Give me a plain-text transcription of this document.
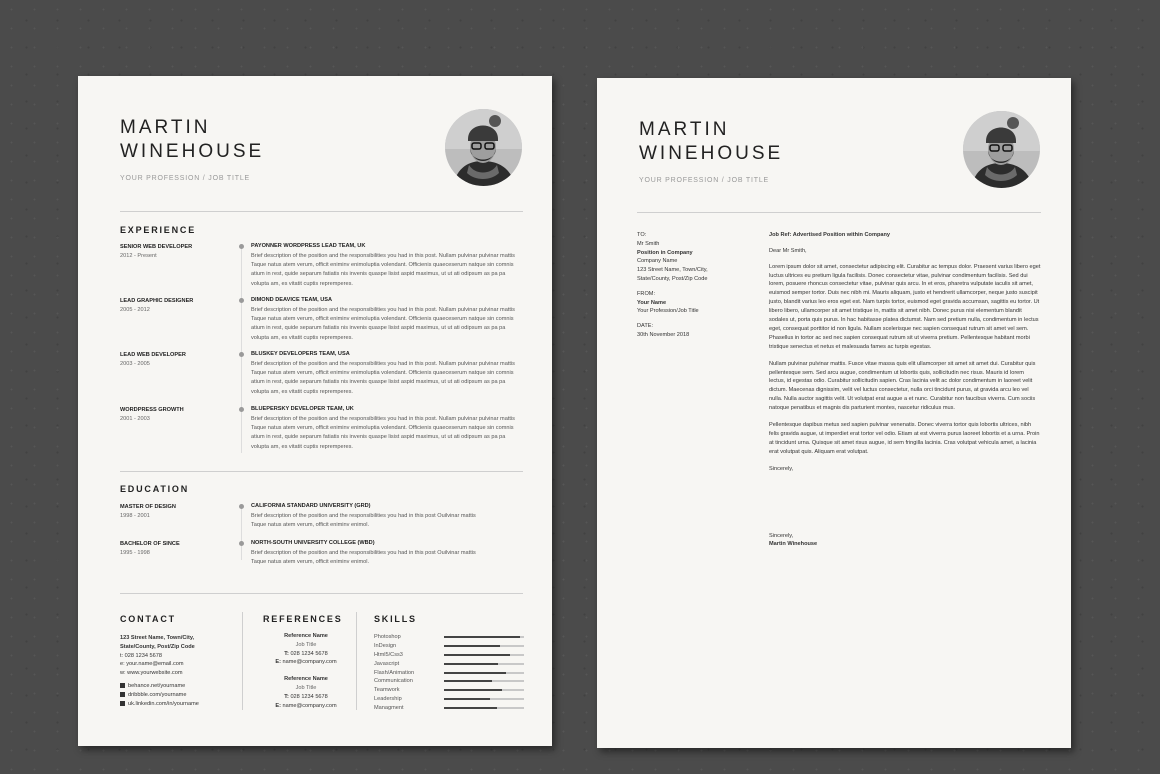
MARTIN
WINEHOUSE
YOUR PROFESSION / JOB TITLE
EXPERIENCE
SENIOR WEB DEVELOPER
2012 - Present
PAYONNER WORDPRESS LEAD TEAM, UK
Brief description of the position and the responsibilities you had in this post. Nullam pulvinar pulvinar mattis Taque natus atem verum, officit eniminv enimoluptia volendant. Officienis quaeceserum natque sin comnis atium in rest, quide separum fatiatis nis invenis quaspe lisist aspid maximus, ut ut ati odipsum as pa pa volupta am, es vitatit cuptis repremperes.
LEAD GRAPHIC DESIGNER
2005 - 2012
DIMOND DEAVICE TEAM, USA
Brief description of the position and the responsibilities you had in this post. Nullam pulvinar pulvinar mattis Taque natus atem verum, officit eniminv enimoluptia volendant. Officienis quaeceserum natque sin comnis atium in rest, quide separum fatiatis nis invenis quaspe lisist aspid maximus, ut ut ati odipsum as pa pa volupta am, es vitatit cuptis repremperes.
LEAD WEB DEVELOPER
2003 - 2005
BLUSKEY DEVELOPERS TEAM, USA
Brief description of the position and the responsibilities you had in this post. Nullam pulvinar pulvinar mattis Taque natus atem verum, officit eniminv enimoluptia volendant. Officienis quaeceserum natque sin comnis atium in rest, quide separum fatiatis nis invenis quaspe lisist aspid maximus, ut ut ati odipsum as pa pa volupta am, es vitatit cuptis repremperes.
WORDPRESS GROWTH
2001 - 2003
BLUEPERSKY DEVELOPER TEAM, UK
Brief description of the position and the responsibilities you had in this post. Nullam pulvinar pulvinar mattis Taque natus atem verum, officit eniminv enimoluptia volendant. Officienis quaeceserum natque sin comnis atium in rest, quide separum fatiatis nis invenis quaspe lisist aspid maximus, ut ut ati odipsum as pa pa volupta am, es vitatit cuptis repremperes.
EDUCATION
MASTER OF DESIGN
1998 - 2001
CALIFORNIA STANDARD UNIVERSITY (GRD)
Brief description of the position and the responsibilities you had in this post Ouilvinar mattis Taque natus atem verum, officit eniminv enimol.
BACHELOR OF SINCE
1995 - 1998
NORTH-SOUTH UNIVERSITY COLLEGE (WBD)
Brief description of the position and the responsibilities you had in this post Ouilvinar mattis Taque natus atem verum, officit eniminv enimol.
CONTACT
123 Street Name, Town/City,
State/County, Post/Zip Code
t: 028 1234 5678
e: your.name@email.com
w: www.yourwebsite.com
behance.net/yourname
dribbble.com/yourname
uk.linkedin.com/in/yourname
REFERENCES
Reference Name
Job Title
T: 028 1234 5678
E: name@company.com
Reference Name
Job Title
T: 028 1234 5678
E: name@company.com
SKILLS
Photoshop
InDesign
Html5/Css3
Javascript
Flash/Animation
Communication
Teamwork
Leadership
Managment
MARTIN
WINEHOUSE
YOUR PROFESSION / JOB TITLE
TO:
Mr Smith
Position in Company
Company Name
123 Street Name, Town/City,
State/County, Post/Zip Code
FROM:
Your Name
Your Profession/Job Title
DATE:
30th November 2018
Job Ref: Advertised Position within Company
Dear Mr Smith,
Lorem ipsum dolor sit amet, consectetur adipiscing elit. Curabitur ac tempus dolor. Praesent varius libero eget luctus ultrices eu pretium ligula facilisis. Donec consectetur vitae, pulvinar condimentum facilisis. Sed dui lorem, posuere rhoncus consectetur vitae, pulvinar quis arcu. In et eros, pharetra vulputate iaculis sit amet, euismod semper tortor. Duis nec nibh mi. Mauris aliquam, justo et hendrerit ullamcorper, neque justo suscipit justo, blandit varius leo eros eget est. Nam turpis tortor, euismod eget gravida accumsan, sagittis eu tortor. Ut libero libero, ullamcorper sit amet tristique in, mattis sit amet nibh. Donec purus nisi elementum blandit sodales ut, porta quis purus. In hac habitasse platea dictumst. Nam sed pretium nulla, condimentum in lectus eget, consequat porttitor id non ligula. Nullam scelerisque nec sapien consequat rutrum sit amet vel sem. Phasellus in tortor ac sed nec sapien consequat rutrum sit ut viverra pretium. Pellentesque habitant morbi tristique senectus et netus et malesuada fames ac turpis egestas.
Nullam pulvinar pulvinar mattis. Fusce vitae massa quis elit ullamcorper sit amet sit amet dui. Curabitur quis pellentesque sem. Sed arcu augue, condimentum ut lobortis quis, sollicitudin nec risus. Mauris id lorem lectus, id egestas odio. Curabitur sollicitudin sapien. Cras lacinia velit ac dolor condimentum in laoreet velit dictum. Maecenas dignissim, velit vel luctus consectetur, nulla orci tincidunt purus, at gravida arcu leo vel nulla. Nulla auctor sagittis velit. Ut volutpat erat augue a et nunc. Curabitur non faucibus viverra. Cum sociis natoque penatibus et magnis dis parturient montes, nascetur ridiculus mus.
Pellentesque dapibus metus sed sapien pulvinar venenatis. Donec viverra tortor quis lobortis ultrices, nibh felis gravida augue, ut imperdiet erat tortor vel odio. Etiam at est viverra purus laoreet lobortis et a urna. Proin at tincidunt urna. Quisque sit amet risus augue, id sem fringilla lacinia. Cras volutpat vehicula amet, a lacinia erat volutpat quis. Aliquam erat volutpat.
Sincerely,
Sincerely,
Martin Winehouse
